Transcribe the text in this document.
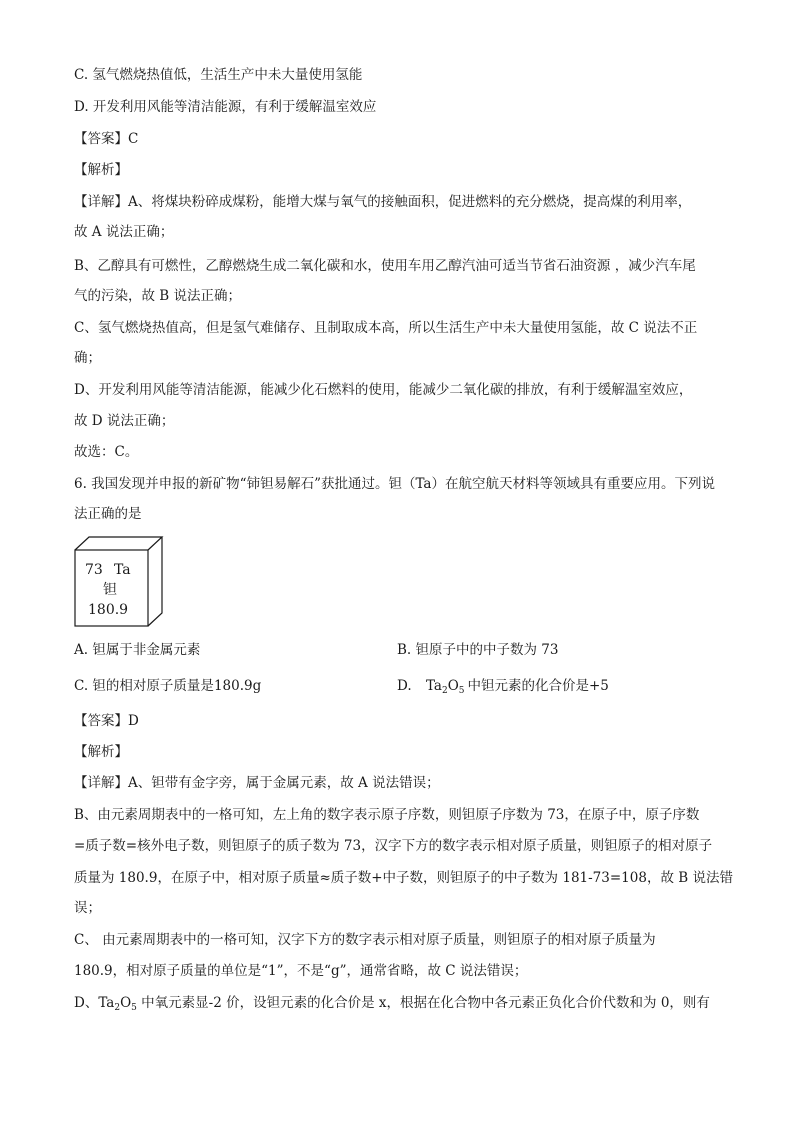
C. 氢气燃烧热值低，生活生产中未大量使用氢能
D. 开发利用风能等清洁能源，有利于缓解温室效应
【答案】C
【解析】
【详解】A、将煤块粉碎成煤粉，能增大煤与氧气的接触面积，促进燃料的充分燃烧，提高煤的利用率，
故 A 说法正确；
B、乙醇具有可燃性，乙醇燃烧生成二氧化碳和水，使用车用乙醇汽油可适当节省石油资源 ，减少汽车尾
气的污染，故 B 说法正确；
C、氢气燃烧热值高，但是氢气难储存、且制取成本高，所以生活生产中未大量使用氢能，故 C 说法不正
确；
D、开发利用风能等清洁能源，能减少化石燃料的使用，能减少二氧化碳的排放，有利于缓解温室效应，
故 D 说法正确；
故选：C。
6. 我国发现并申报的新矿物“铈钽易解石”获批通过。钽（Ta）在航空航天材料等领域具有重要应用。下列说
法正确的是
73 Ta
钽
180.9
A. 钽属于非金属元素	B. 钽原子中的中子数为 73
C. 钽的相对原子质量是180.9g	D. $Ta_2O_5$ 中钽元素的化合价是+5
【答案】D
【解析】
【详解】A、钽带有金字旁，属于金属元素，故 A 说法错误；
B、由元素周期表中的一格可知，左上角的数字表示原子序数，则钽原子序数为 73，在原子中，原子序数
=质子数=核外电子数，则钽原子的质子数为 73，汉字下方的数字表示相对原子质量，则钽原子的相对原子
质量为 180.9，在原子中，相对原子质量≈质子数+中子数，则钽原子的中子数为 181-73=108，故 B 说法错
误；
C、 由元素周期表中的一格可知，汉字下方的数字表示相对原子质量，则钽原子的相对原子质量为
180.9，相对原子质量的单位是“1”，不是“g”，通常省略，故 C 说法错误；
D、$Ta_2O_5$ 中氧元素显-2 价，设钽元素的化合价是 x，根据在化合物中各元素正负化合价代数和为 0，则有
